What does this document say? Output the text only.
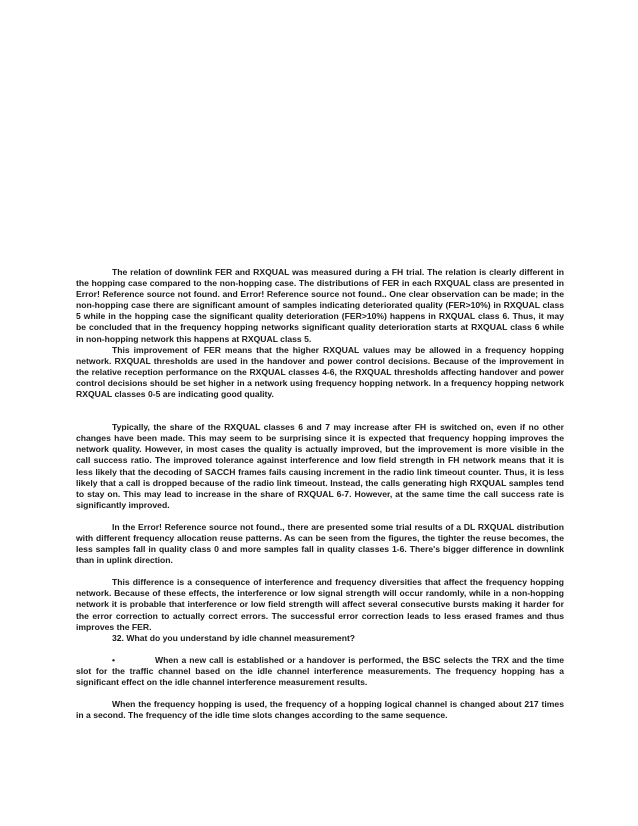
The relation of downlink FER and RXQUAL was measured during a FH trial. The relation is clearly different in the hopping case compared to the non-hopping case. The distributions of FER in each RXQUAL class are presented in Error! Reference source not found. and Error! Reference source not found.. One clear observation can be made; in the non-hopping case there are significant amount of samples indicating deteriorated quality (FER>10%) in RXQUAL class 5 while in the hopping case the significant quality deterioration (FER>10%) happens in RXQUAL class 6. Thus, it may be concluded that in the frequency hopping networks significant quality deterioration starts at RXQUAL class 6 while in non-hopping network this happens at RXQUAL class 5.

This improvement of FER means that the higher RXQUAL values may be allowed in a frequency hopping network. RXQUAL thresholds are used in the handover and power control decisions. Because of the improvement in the relative reception performance on the RXQUAL classes 4-6, the RXQUAL thresholds affecting handover and power control decisions should be set higher in a network using frequency hopping network. In a frequency hopping network RXQUAL classes 0-5 are indicating good quality.

Typically, the share of the RXQUAL classes 6 and 7 may increase after FH is switched on, even if no other changes have been made. This may seem to be surprising since it is expected that frequency hopping improves the network quality. However, in most cases the quality is actually improved, but the improvement is more visible in the call success ratio. The improved tolerance against interference and low field strength in FH network means that it is less likely that the decoding of SACCH frames fails causing increment in the radio link timeout counter. Thus, it is less likely that a call is dropped because of the radio link timeout. Instead, the calls generating high RXQUAL samples tend to stay on. This may lead to increase in the share of RXQUAL 6-7. However, at the same time the call success rate is significantly improved.

In the Error! Reference source not found., there are presented some trial results of a DL RXQUAL distribution with different frequency allocation reuse patterns. As can be seen from the figures, the tighter the reuse becomes, the less samples fall in quality class 0 and more samples fall in quality classes 1-6. There's bigger difference in downlink than in uplink direction.

This difference is a consequence of interference and frequency diversities that affect the frequency hopping network. Because of these effects, the interference or low signal strength will occur randomly, while in a non-hopping network it is probable that interference or low field strength will affect several consecutive bursts making it harder for the error correction to actually correct errors. The successful error correction leads to less erased frames and thus improves the FER.

32. What do you understand by idle channel measurement?

•	When a new call is established or a handover is performed, the BSC selects the TRX and the time slot for the traffic channel based on the idle channel interference measurements. The frequency hopping has a significant effect on the idle channel interference measurement results.

When the frequency hopping is used, the frequency of a hopping logical channel is changed about 217 times in a second. The frequency of the idle time slots changes according to the same sequence.
